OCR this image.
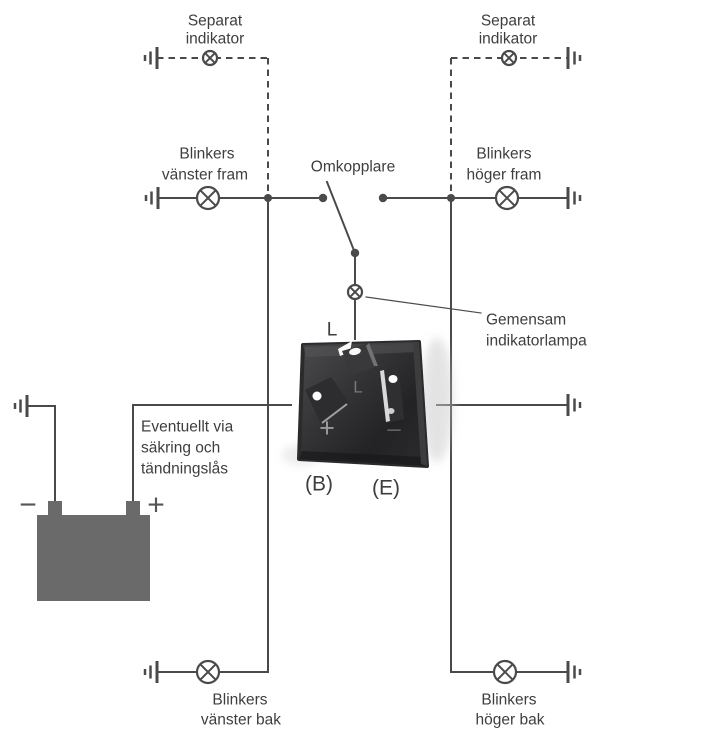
L
+ –
Separat
indikator
Separat
indikator
Blinkers
vänster fram	Omkopplare
Blinkers
höger fram
Gemensam
indikatorlampa
L
Eventuellt via
säkring och
tändningslås
(B) (E)
−	+
Blinkers
vänster bak
Blinkers
höger bak
